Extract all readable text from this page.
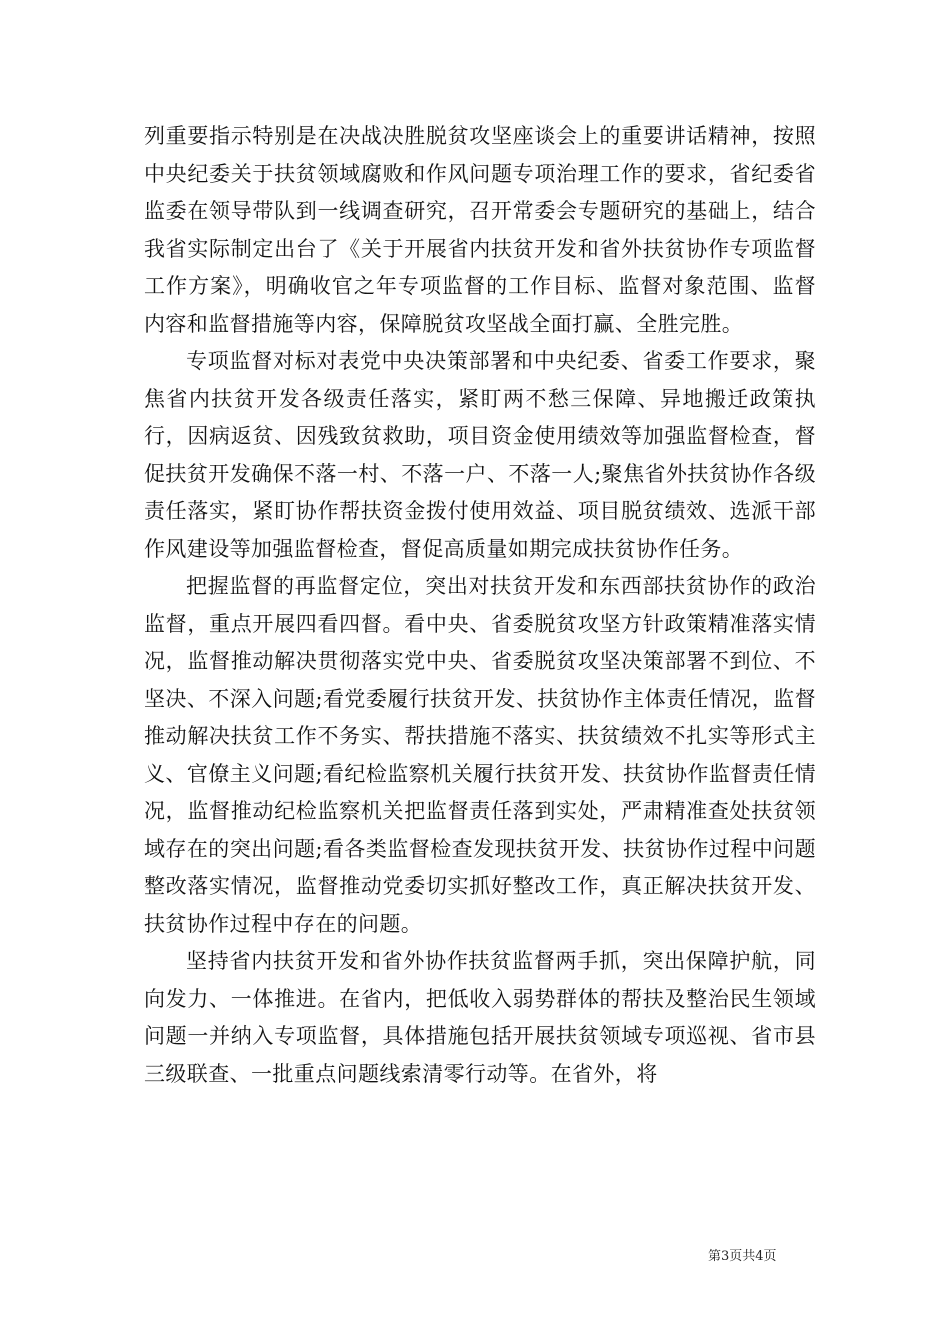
列重要指示特别是在决战决胜脱贫攻坚座谈会上的重要讲话精神，按照中央纪委关于扶贫领域腐败和作风问题专项治理工作的要求，省纪委省监委在领导带队到一线调查研究，召开常委会专题研究的基础上，结合我省实际制定出台了《关于开展省内扶贫开发和省外扶贫协作专项监督工作方案》，明确收官之年专项监督的工作目标、监督对象范围、监督内容和监督措施等内容，保障脱贫攻坚战全面打赢、全胜完胜。

专项监督对标对表党中央决策部署和中央纪委、省委工作要求，聚焦省内扶贫开发各级责任落实，紧盯两不愁三保障、异地搬迁政策执行，因病返贫、因残致贫救助，项目资金使用绩效等加强监督检查，督促扶贫开发确保不落一村、不落一户、不落一人;聚焦省外扶贫协作各级责任落实，紧盯协作帮扶资金拨付使用效益、项目脱贫绩效、选派干部作风建设等加强监督检查，督促高质量如期完成扶贫协作任务。

把握监督的再监督定位，突出对扶贫开发和东西部扶贫协作的政治监督，重点开展四看四督。看中央、省委脱贫攻坚方针政策精准落实情况，监督推动解决贯彻落实党中央、省委脱贫攻坚决策部署不到位、不坚决、不深入问题;看党委履行扶贫开发、扶贫协作主体责任情况，监督推动解决扶贫工作不务实、帮扶措施不落实、扶贫绩效不扎实等形式主义、官僚主义问题;看纪检监察机关履行扶贫开发、扶贫协作监督责任情况，监督推动纪检监察机关把监督责任落到实处，严肃精准查处扶贫领域存在的突出问题;看各类监督检查发现扶贫开发、扶贫协作过程中问题整改落实情况，监督推动党委切实抓好整改工作，真正解决扶贫开发、扶贫协作过程中存在的问题。

坚持省内扶贫开发和省外协作扶贫监督两手抓，突出保障护航，同向发力、一体推进。在省内，把低收入弱势群体的帮扶及整治民生领域问题一并纳入专项监督，具体措施包括开展扶贫领域专项巡视、省市县三级联查、一批重点问题线索清零行动等。在省外，将

第3页共4页
